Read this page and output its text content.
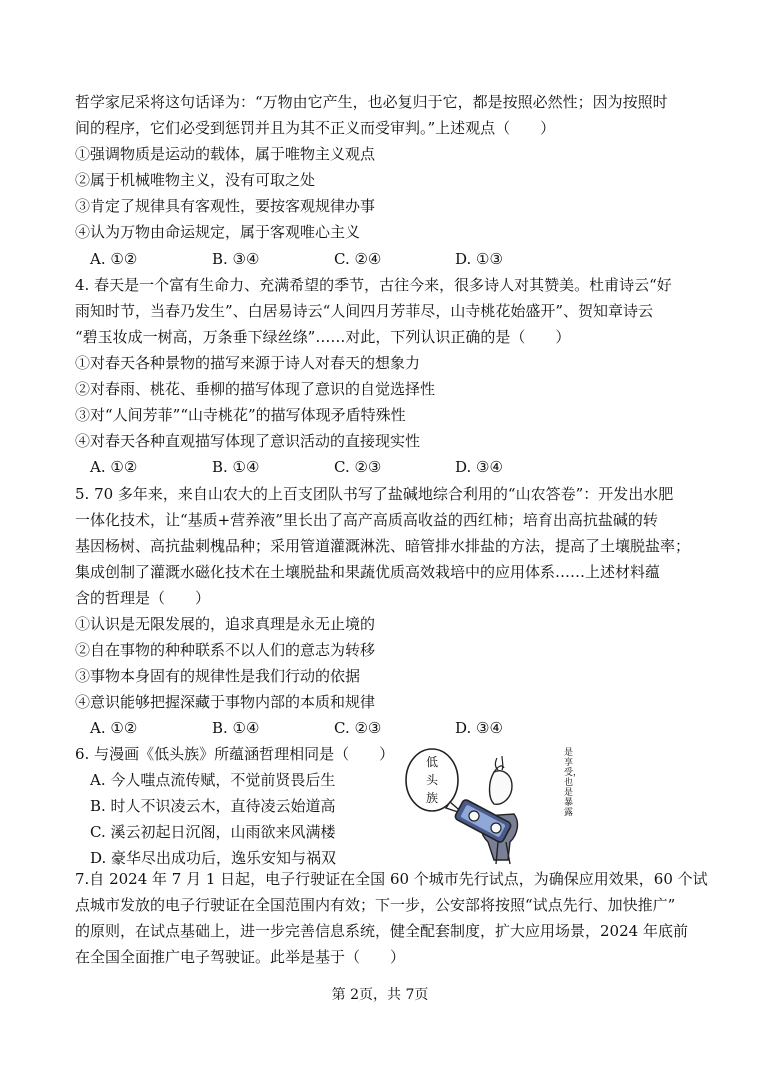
哲学家尼采将这句话译为：“万物由它产生，也必复归于它，都是按照必然性；因为按照时
间的程序，它们必受到惩罚并且为其不正义而受审判。”上述观点（　　）
①强调物质是运动的载体，属于唯物主义观点
②属于机械唯物主义，没有可取之处
③肯定了规律具有客观性，要按客观规律办事
④认为万物由命运规定，属于客观唯心主义
A. ①②	B. ③④	C. ②④	D. ①③
4. 春天是一个富有生命力、充满希望的季节，古往今来，很多诗人对其赞美。杜甫诗云“好
雨知时节，当春乃发生”、白居易诗云“人间四月芳菲尽，山寺桃花始盛开”、贺知章诗云
“碧玉妆成一树高，万条垂下绿丝绦”……对此，下列认识正确的是（　　）
①对春天各种景物的描写来源于诗人对春天的想象力
②对春雨、桃花、垂柳的描写体现了意识的自觉选择性
③对“人间芳菲”“山寺桃花”的描写体现矛盾特殊性
④对春天各种直观描写体现了意识活动的直接现实性
A. ①②	B. ①④	C. ②③	D. ③④
5. 70 多年来，来自山农大的上百支团队书写了盐碱地综合利用的“山农答卷”：开发出水肥
一体化技术，让“基质+营养液”里长出了高产高质高收益的西红柿；培育出高抗盐碱的转
基因杨树、高抗盐刺槐品种；采用管道灌溉淋洗、暗管排水排盐的方法，提高了土壤脱盐率；
集成创制了灌溉水磁化技术在土壤脱盐和果蔬优质高效栽培中的应用体系……上述材料蕴
含的哲理是（　　）
①认识是无限发展的，追求真理是永无止境的
②自在事物的种种联系不以人们的意志为转移
③事物本身固有的规律性是我们行动的依据
④意识能够把握深藏于事物内部的本质和规律
A. ①②	B. ①④	C. ②③	D. ③④
6. 与漫画《低头族》所蕴涵哲理相同是（　　）
A. 今人嗤点流传赋，不觉前贤畏后生
B. 时人不识凌云木，直待凌云始道高
C. 溪云初起日沉阁，山雨欲来风满楼
D. 豪华尽出成功后，逸乐安知与祸双
低
头
族
是享受，也是暴露
7.自 2024 年 7 月 1 日起，电子行驶证在全国 60 个城市先行试点，为确保应用效果，60 个试
点城市发放的电子行驶证在全国范围内有效；下一步，公安部将按照“试点先行、加快推广”
的原则，在试点基础上，进一步完善信息系统，健全配套制度，扩大应用场景，2024 年底前
在全国全面推广电子驾驶证。此举是基于（　　）
第 2页，共 7页
